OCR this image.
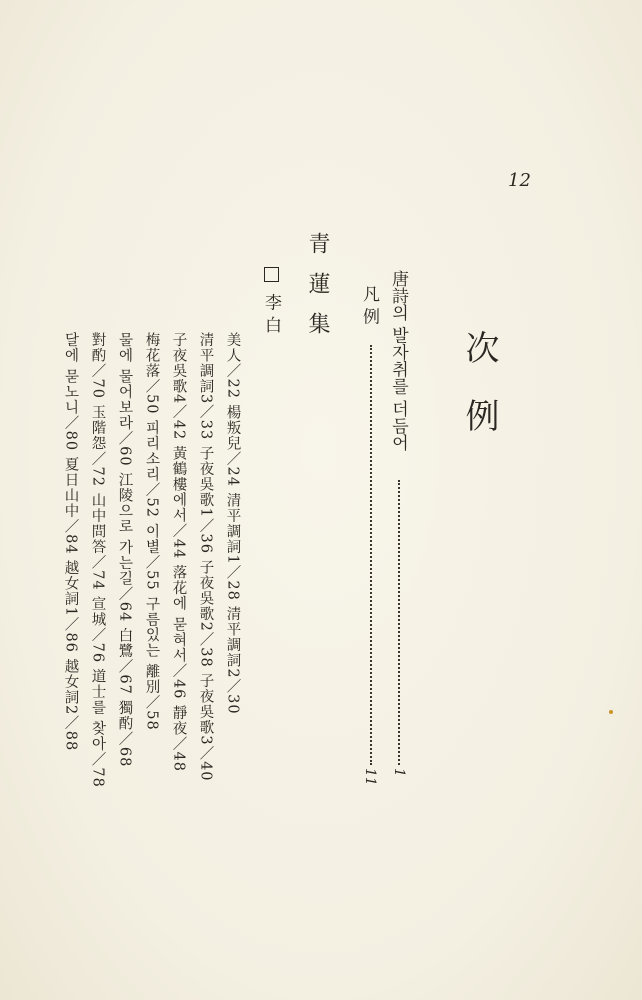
12
次例
唐詩의 발자취를 더듬어
1
凡 例
11
青蓮集
李 白
美人／22 楊叛兒／24 清平調詞1／28 清平調詞2／30
清平調詞3／33 子夜吳歌1／36 子夜吳歌2／38 子夜吳歌3／40
子夜吳歌4／42 黃鶴樓에서／44 落花에 묻혀서／46 靜夜／48
梅花落／50 피리소리／52 이별／55 구름있는 離別／58
물에 물어보라／60 江陵으로 가는길／64 白鷺／67 獨酌／68
對酌／70 玉階怨／72 山中問答／74 宣城／76 道士를 찾아／78
달에 묻노니／80 夏日山中／84 越女詞1／86 越女詞2／88
